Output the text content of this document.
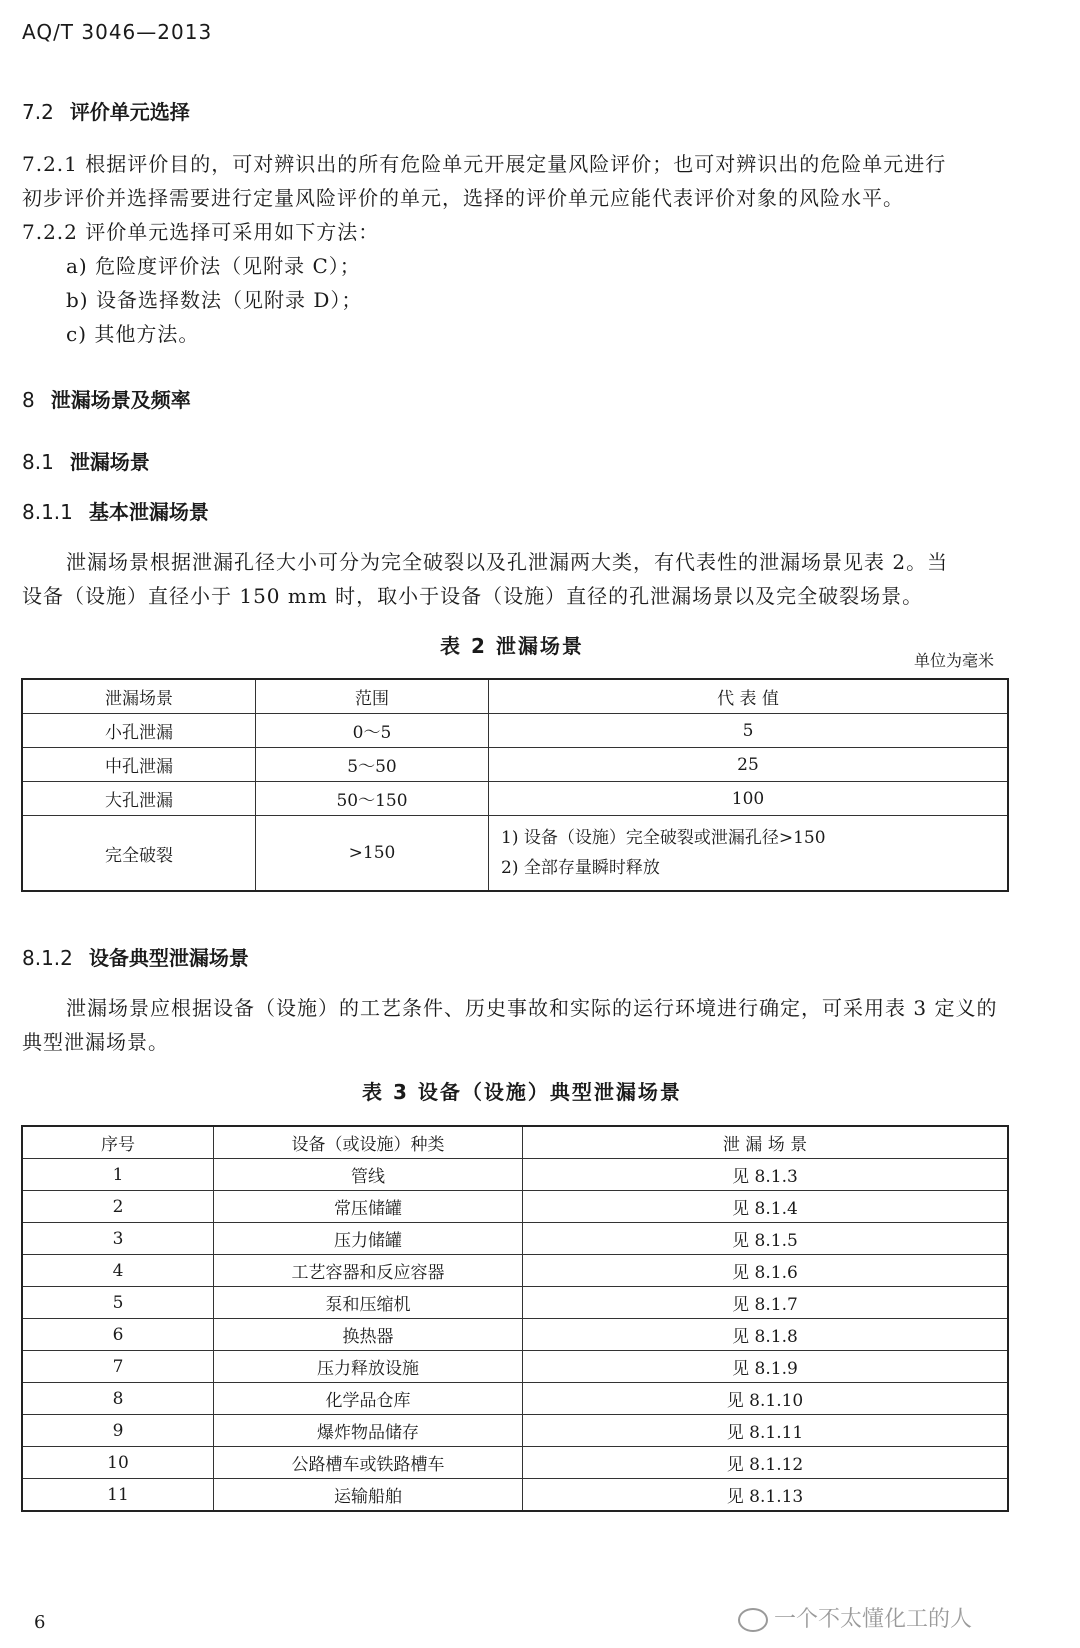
AQ/T 3046—2013
7.2 评价单元选择
7.2.1 根据评价目的，可对辨识出的所有危险单元开展定量风险评价；也可对辨识出的危险单元进行
初步评价并选择需要进行定量风险评价的单元，选择的评价单元应能代表评价对象的风险水平。
7.2.2 评价单元选择可采用如下方法：
a) 危险度评价法（见附录 C）；
b) 设备选择数法（见附录 D）；
c) 其他方法。
8 泄漏场景及频率
8.1 泄漏场景
8.1.1 基本泄漏场景
泄漏场景根据泄漏孔径大小可分为完全破裂以及孔泄漏两大类，有代表性的泄漏场景见表 2。当
设备（设施）直径小于 150 mm 时，取小于设备（设施）直径的孔泄漏场景以及完全破裂场景。
表 2 泄漏场景
单位为毫米
泄漏场景	范围	代 表 值
小孔泄漏	0～5	5
中孔泄漏	5～50	25
大孔泄漏	50～150	100
完全破裂	>150	1) 设备（设施）完全破裂或泄漏孔径>150
2) 全部存量瞬时释放
8.1.2 设备典型泄漏场景
泄漏场景应根据设备（设施）的工艺条件、历史事故和实际的运行环境进行确定，可采用表 3 定义的
典型泄漏场景。
表 3 设备（设施）典型泄漏场景
序号	设备（或设施）种类	泄 漏 场 景
1	管线	见 8.1.3
2	常压储罐	见 8.1.4
3	压力储罐	见 8.1.5
4	工艺容器和反应容器	见 8.1.6
5	泵和压缩机	见 8.1.7
6	换热器	见 8.1.8
7	压力释放设施	见 8.1.9
8	化学品仓库	见 8.1.10
9	爆炸物品储存	见 8.1.11
10	公路槽车或铁路槽车	见 8.1.12
11	运输船舶	见 8.1.13
6	一个不太懂化工的人
